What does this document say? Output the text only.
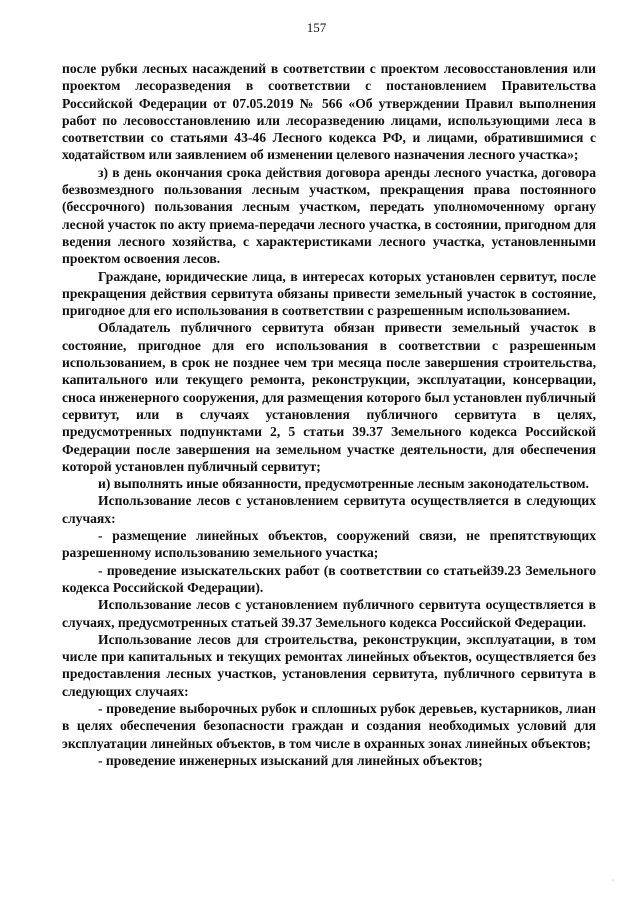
157

после рубки лесных насаждений в соответствии с проектом лесовосстановления или проектом лесоразведения в соответствии с постановлением Правительства Российской Федерации от 07.05.2019 № 566 «Об утверждении Правил выполнения работ по лесовосстановлению или лесоразведению лицами, использующими леса в соответствии со статьями 43-46 Лесного кодекса РФ, и лицами, обратившимися с ходатайством или заявлением об изменении целевого назначения лесного участка»;

з) в день окончания срока действия договора аренды лесного участка, договора безвозмездного пользования лесным участком, прекращения права постоянного (бессрочного) пользования лесным участком, передать уполномоченному органу лесной участок по акту приема-передачи лесного участка, в состоянии, пригодном для ведения лесного хозяйства, с характеристиками лесного участка, установленными проектом освоения лесов.

Граждане, юридические лица, в интересах которых установлен сервитут, после прекращения действия сервитута обязаны привести земельный участок в состояние, пригодное для его использования в соответствии с разрешенным использованием.

Обладатель публичного сервитута обязан привести земельный участок в состояние, пригодное для его использования в соответствии с разрешенным использованием, в срок не позднее чем три месяца после завершения строительства, капитального или текущего ремонта, реконструкции, эксплуатации, консервации, сноса инженерного сооружения, для размещения которого был установлен публичный сервитут, или в случаях установления публичного сервитута в целях, предусмотренных подпунктами 2, 5 статьи 39.37 Земельного кодекса Российской Федерации после завершения на земельном участке деятельности, для обеспечения которой установлен публичный сервитут;

и) выполнять иные обязанности, предусмотренные лесным законодательством.

Использование лесов с установлением сервитута осуществляется в следующих случаях:

- размещение линейных объектов, сооружений связи, не препятствующих разрешенному использованию земельного участка;

- проведение изыскательских работ (в соответствии со статьей39.23 Земельного кодекса Российской Федерации).

Использование лесов с установлением публичного сервитута осуществляется в случаях, предусмотренных статьей 39.37 Земельного кодекса Российской Федерации.

Использование лесов для строительства, реконструкции, эксплуатации, в том числе при капитальных и текущих ремонтах линейных объектов, осуществляется без предоставления лесных участков, установления сервитута, публичного сервитута в следующих случаях:

- проведение выборочных рубок и сплошных рубок деревьев, кустарников, лиан в целях обеспечения безопасности граждан и создания необходимых условий для эксплуатации линейных объектов, в том числе в охранных зонах линейных объектов;

- проведение инженерных изысканий для линейных объектов;

◦
